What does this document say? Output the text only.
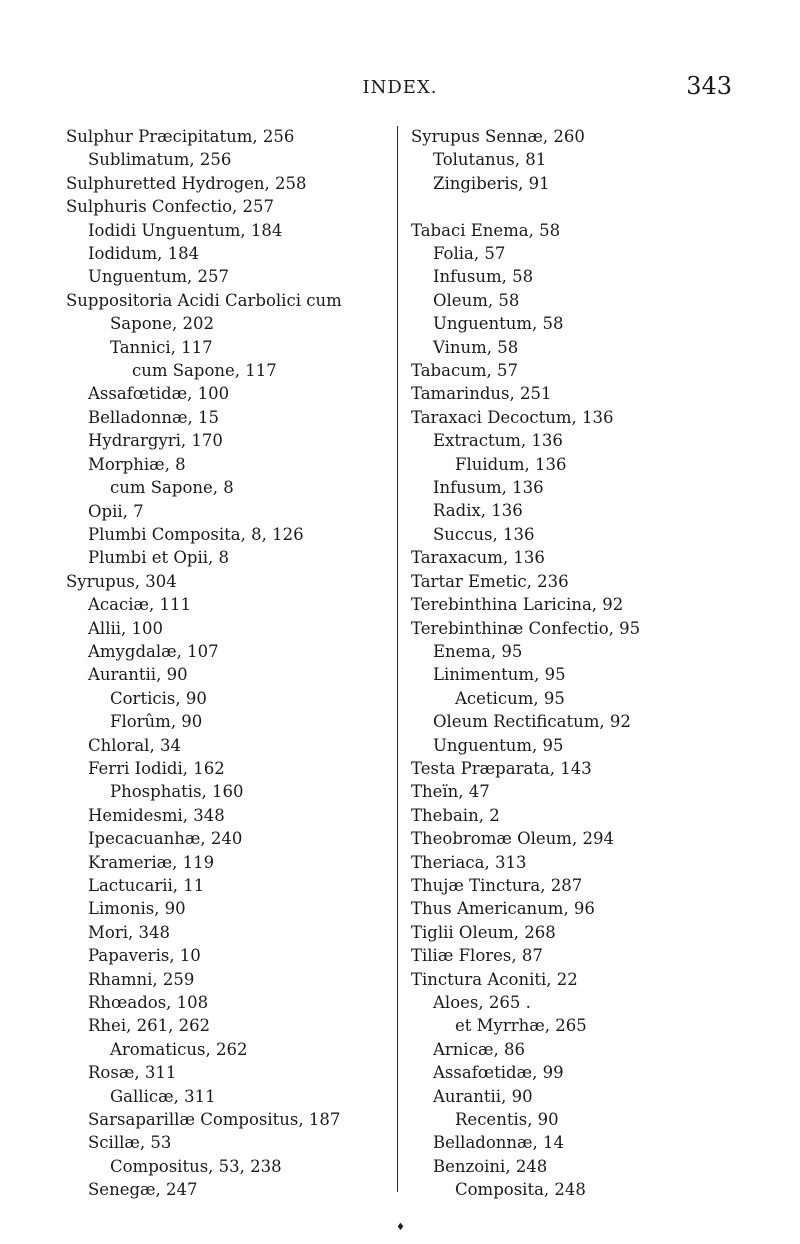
INDEX.	343
Sulphur Præcipitatum, 256
Sublimatum, 256
Sulphuretted Hydrogen, 258
Sulphuris Confectio, 257
Iodidi Unguentum, 184
Iodidum, 184
Unguentum, 257
Suppositoria Acidi Carbolici cum
Sapone, 202
Tannici, 117
cum Sapone, 117
Assafœtidæ, 100
Belladonnæ, 15
Hydrargyri, 170
Morphiæ, 8
cum Sapone, 8
Opii, 7
Plumbi Composita, 8, 126
Plumbi et Opii, 8
Syrupus, 304
Acaciæ, 111
Allii, 100
Amygdalæ, 107
Aurantii, 90
Corticis, 90
Florûm, 90
Chloral, 34
Ferri Iodidi, 162
Phosphatis, 160
Hemidesmi, 348
Ipecacuanhæ, 240
Krameriæ, 119
Lactucarii, 11
Limonis, 90
Mori, 348
Papaveris, 10
Rhamni, 259
Rhœados, 108
Rhei, 261, 262
Aromaticus, 262
Rosæ, 311
Gallicæ, 311
Sarsaparillæ Compositus, 187
Scillæ, 53
Compositus, 53, 238
Senegæ, 247
Syrupus Sennæ, 260
Tolutanus, 81
Zingiberis, 91
Tabaci Enema, 58
Folia, 57
Infusum, 58
Oleum, 58
Unguentum, 58
Vinum, 58
Tabacum, 57
Tamarindus, 251
Taraxaci Decoctum, 136
Extractum, 136
Fluidum, 136
Infusum, 136
Radix, 136
Succus, 136
Taraxacum, 136
Tartar Emetic, 236
Terebinthina Laricina, 92
Terebinthinæ Confectio, 95
Enema, 95
Linimentum, 95
Aceticum, 95
Oleum Rectificatum, 92
Unguentum, 95
Testa Præparata, 143
Theïn, 47
Thebain, 2
Theobromæ Oleum, 294
Theriaca, 313
Thujæ Tinctura, 287
Thus Americanum, 96
Tiglii Oleum, 268
Tiliæ Flores, 87
Tinctura Aconiti, 22
Aloes, 265 .
et Myrrhæ, 265
Arnicæ, 86
Assafœtidæ, 99
Aurantii, 90
Recentis, 90
Belladonnæ, 14
Benzoini, 248
Composita, 248
♦
